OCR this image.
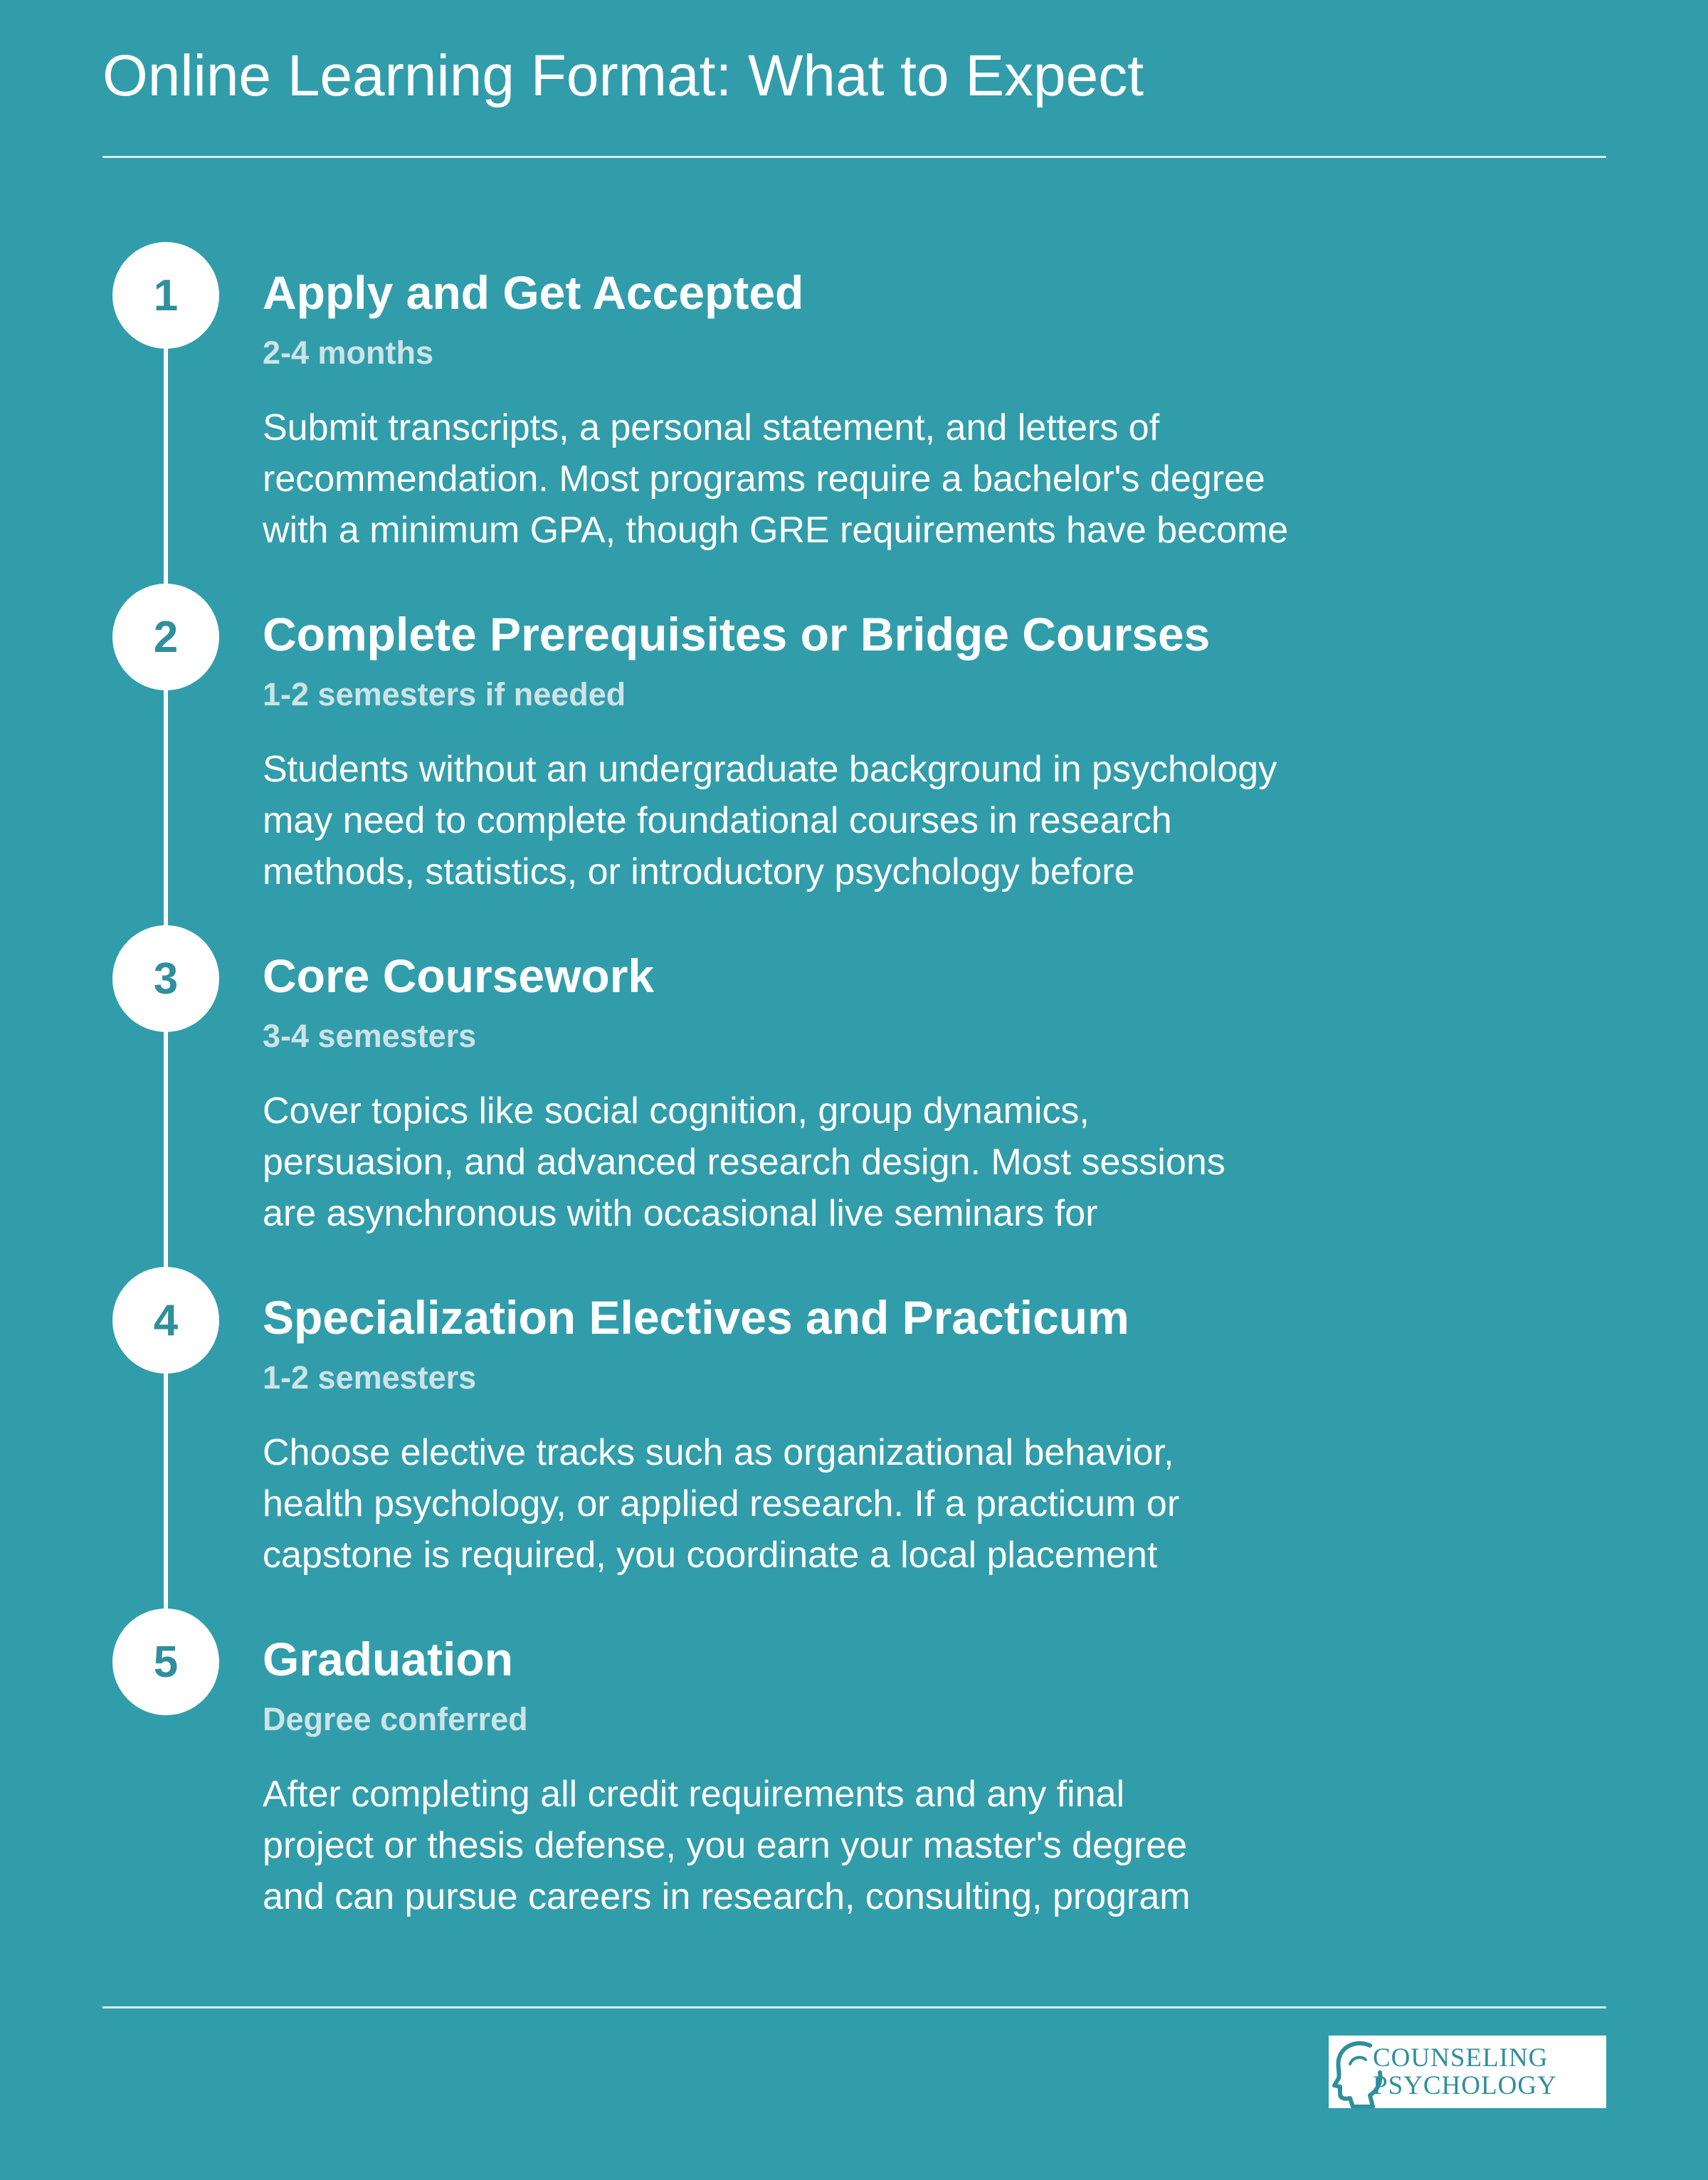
Online Learning Format: What to Expect
1	Apply and Get Accepted
2-4 months
Submit transcripts, a personal statement, and letters of
recommendation. Most programs require a bachelor's degree
with a minimum GPA, though GRE requirements have become
2	Complete Prerequisites or Bridge Courses
1-2 semesters if needed
Students without an undergraduate background in psychology
may need to complete foundational courses in research
methods, statistics, or introductory psychology before
3	Core Coursework
3-4 semesters
Cover topics like social cognition, group dynamics,
persuasion, and advanced research design. Most sessions
are asynchronous with occasional live seminars for
4	Specialization Electives and Practicum
1-2 semesters
Choose elective tracks such as organizational behavior,
health psychology, or applied research. If a practicum or
capstone is required, you coordinate a local placement
5	Graduation
Degree conferred
After completing all credit requirements and any final
project or thesis defense, you earn your master's degree
and can pursue careers in research, consulting, program
COUNSELING
PSYCHOLOGY
